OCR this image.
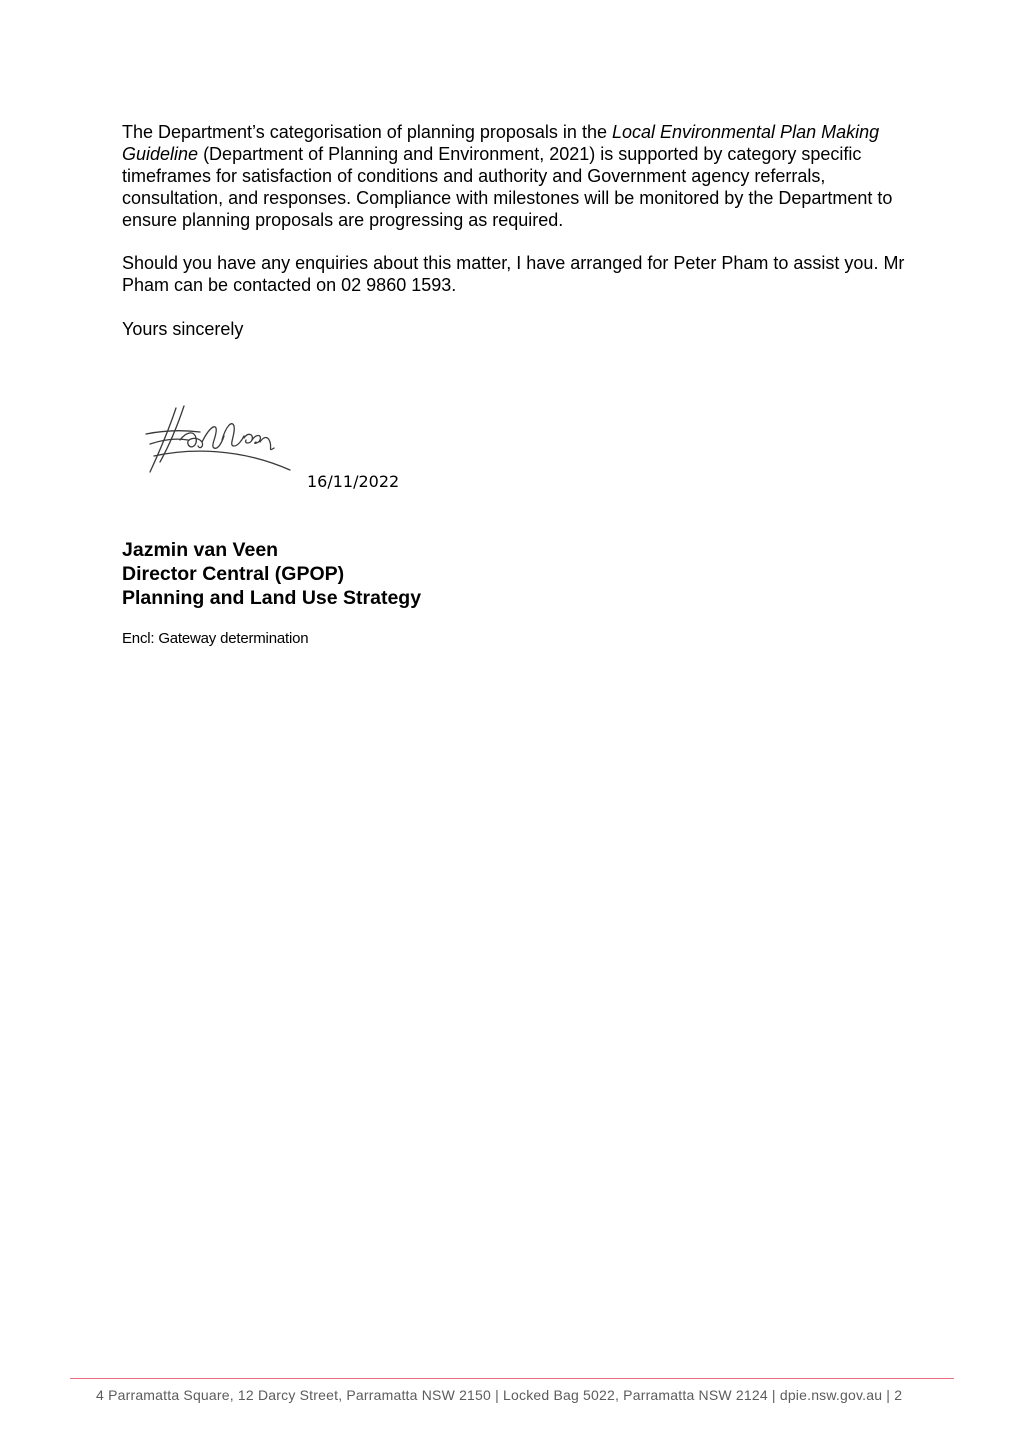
The Department’s categorisation of planning proposals in the Local Environmental Plan Making Guideline (Department of Planning and Environment, 2021) is supported by category specific timeframes for satisfaction of conditions and authority and Government agency referrals, consultation, and responses. Compliance with milestones will be monitored by the Department to ensure planning proposals are progressing as required.

Should you have any enquiries about this matter, I have arranged for Peter Pham to assist you. Mr Pham can be contacted on 02 9860 1593.

Yours sincerely

16/11/2022
Jazmin van Veen
Director Central (GPOP)
Planning and Land Use Strategy
Encl: Gateway determination
4 Parramatta Square, 12 Darcy Street, Parramatta NSW 2150 | Locked Bag 5022, Parramatta NSW 2124 | dpie.nsw.gov.au | 2
